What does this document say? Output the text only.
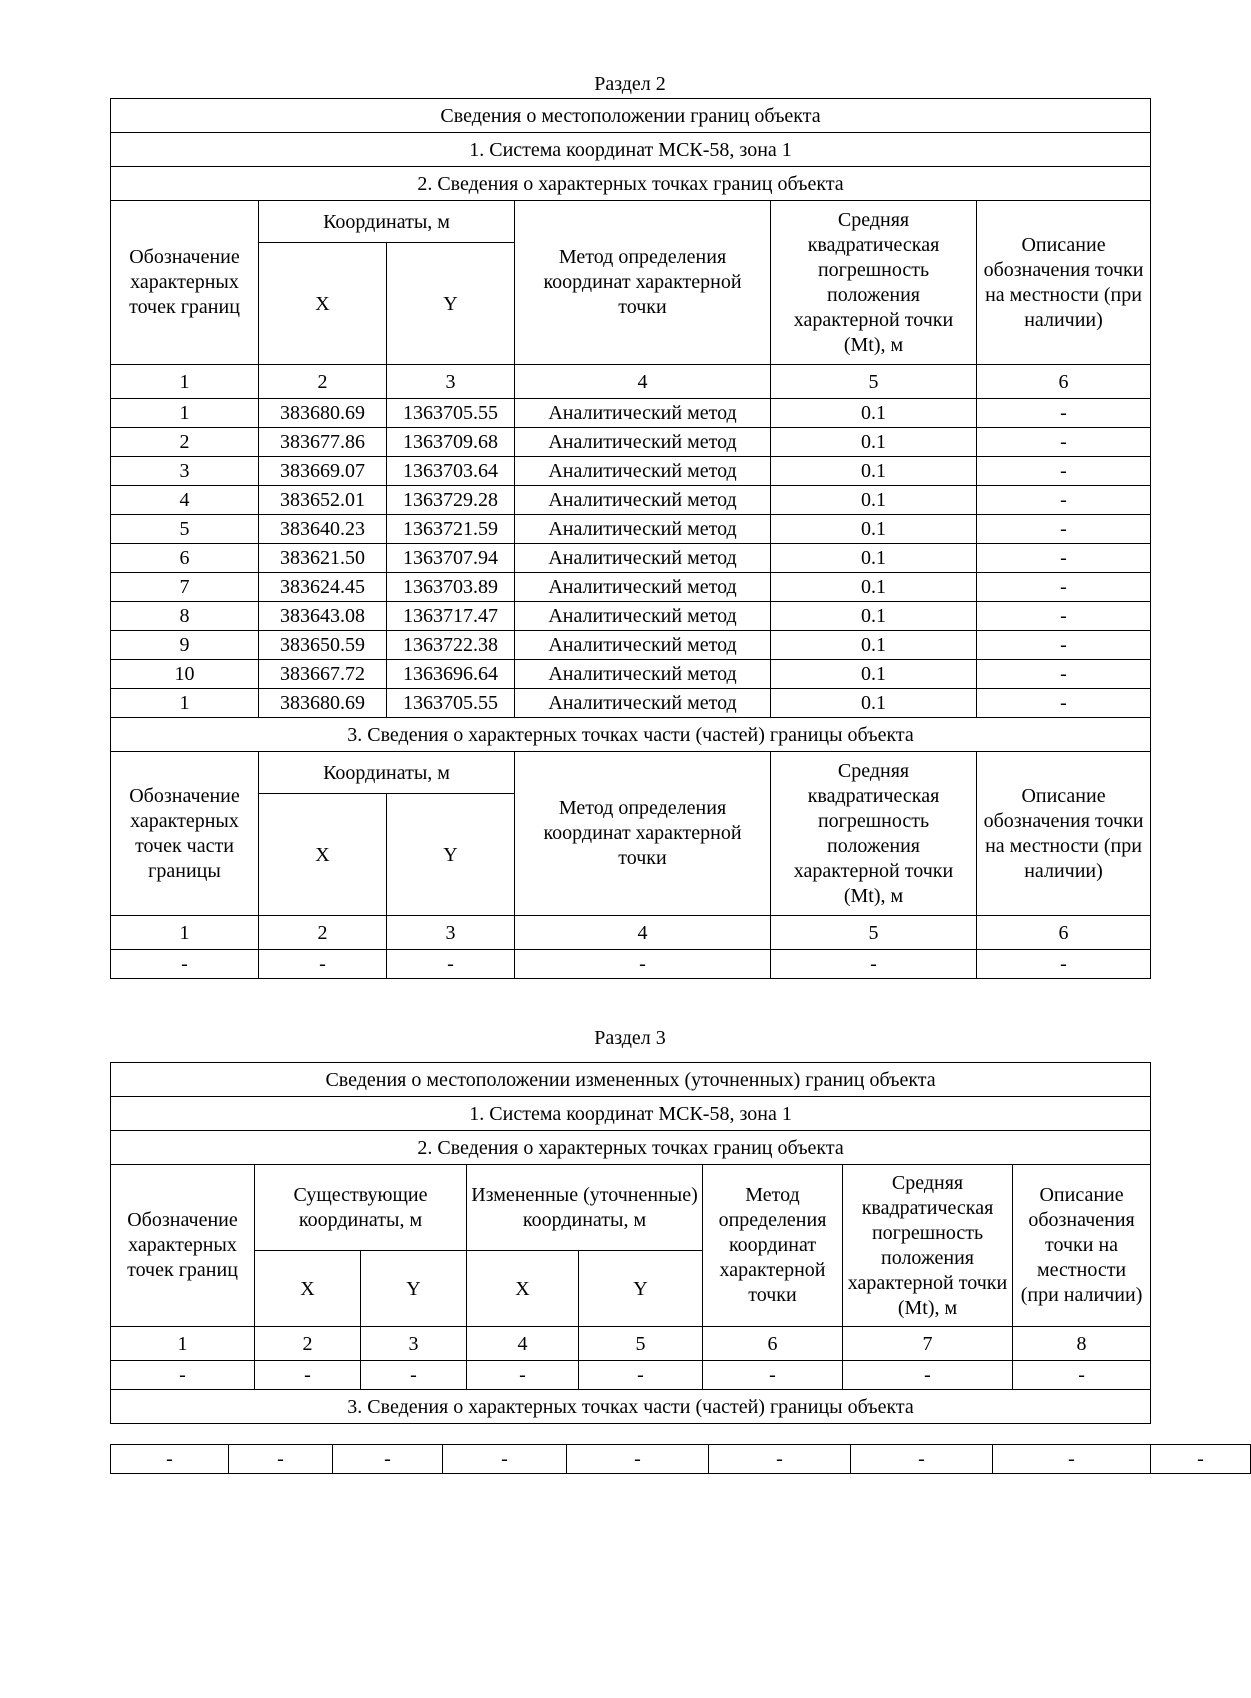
Раздел 2
Сведения о местоположении границ объекта					
1. Система координат МСК-58, зона 1					
2. Сведения о характерных точках границ объекта					
Обозначение характерных точек границ	Координаты, м		Метод определения координат характерной точки	Средняя квадратическая погрешность положения характерной точки (Mt), м	Описание обозначения точки на местности (при наличии)
	X	Y			
1	2	3	4	5	6
1	383680.69	1363705.55	Аналитический метод	0.1	-
2	383677.86	1363709.68	Аналитический метод	0.1	-
3	383669.07	1363703.64	Аналитический метод	0.1	-
4	383652.01	1363729.28	Аналитический метод	0.1	-
5	383640.23	1363721.59	Аналитический метод	0.1	-
6	383621.50	1363707.94	Аналитический метод	0.1	-
7	383624.45	1363703.89	Аналитический метод	0.1	-
8	383643.08	1363717.47	Аналитический метод	0.1	-
9	383650.59	1363722.38	Аналитический метод	0.1	-
10	383667.72	1363696.64	Аналитический метод	0.1	-
1	383680.69	1363705.55	Аналитический метод	0.1	-
3. Сведения о характерных точках части (частей) границы объекта					
Обозначение характерных точек части границы	Координаты, м		Метод определения координат характерной точки	Средняя квадратическая погрешность положения характерной точки (Mt), м	Описание обозначения точки на местности (при наличии)
	X	Y			
1	2	3	4	5	6
-	-	-	-	-	-
Раздел 3
Сведения о местоположении измененных (уточненных) границ объекта							
1. Система координат МСК-58, зона 1							
2. Сведения о характерных точках границ объекта							
Обозначение характерных точек границ	Существующие координаты, м		Измененные (уточненные) координаты, м		Метод определения координат характерной точки	Средняя квадратическая погрешность положения характерной точки (Mt), м	Описание обозначения точки на местности (при наличии)
	X	Y	X	Y			
1	2	3	4	5	6	7	8
-	-	-	-	-	-	-	-
3. Сведения о характерных точках части (частей) границы объекта							
-	-	-	-	-	-	-	-	-
